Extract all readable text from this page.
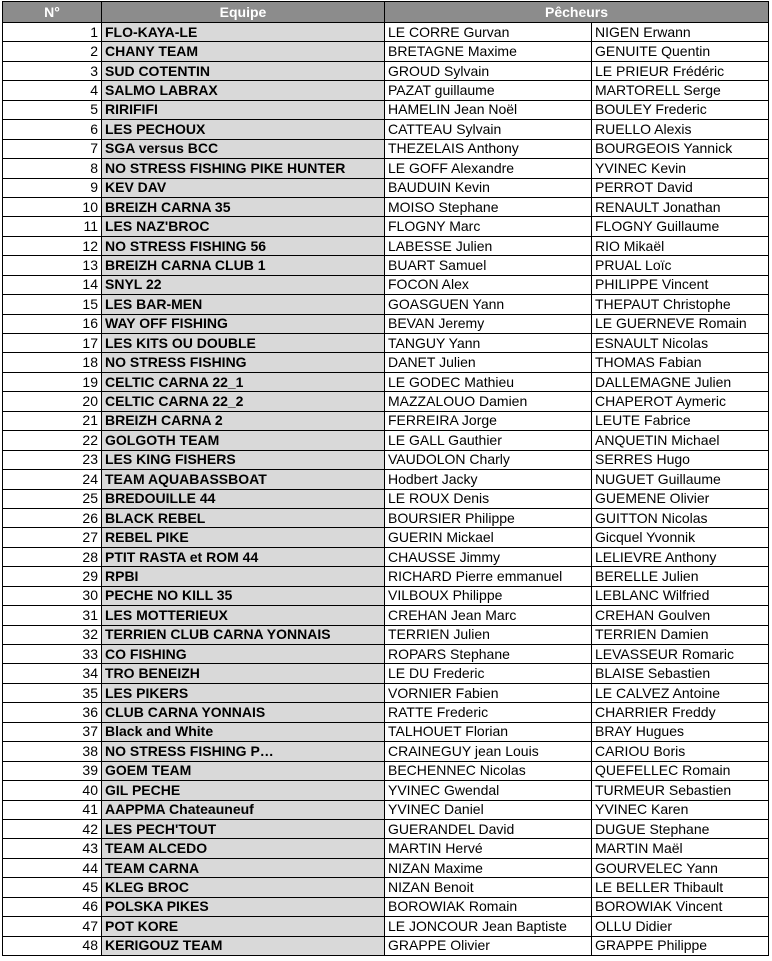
N°	Equipe	Pêcheurs	
1	FLO-KAYA-LE	LE CORRE Gurvan	NIGEN Erwann
2	CHANY TEAM	BRETAGNE Maxime	GENUITE Quentin
3	SUD COTENTIN	GROUD Sylvain	LE PRIEUR Frédéric
4	SALMO LABRAX	PAZAT guillaume	MARTORELL Serge
5	RIRIFIFI	HAMELIN Jean Noël	BOULEY Frederic
6	LES PECHOUX	CATTEAU Sylvain	RUELLO Alexis
7	SGA versus BCC	THEZELAIS Anthony	BOURGEOIS Yannick
8	NO STRESS FISHING PIKE HUNTER	LE GOFF Alexandre	YVINEC Kevin
9	KEV DAV	BAUDUIN Kevin	PERROT David
10	BREIZH CARNA 35	MOISO Stephane	RENAULT Jonathan
11	LES NAZ'BROC	FLOGNY Marc	FLOGNY Guillaume
12	NO STRESS FISHING 56	LABESSE Julien	RIO Mikaël
13	BREIZH CARNA CLUB 1	BUART Samuel	PRUAL Loïc
14	SNYL 22	FOCON Alex	PHILIPPE Vincent
15	LES BAR-MEN	GOASGUEN Yann	THEPAUT Christophe
16	WAY OFF FISHING	BEVAN Jeremy	LE GUERNEVE Romain
17	LES KITS OU DOUBLE	TANGUY Yann	ESNAULT Nicolas
18	NO STRESS FISHING	DANET Julien	THOMAS Fabian
19	CELTIC CARNA 22_1	LE GODEC Mathieu	DALLEMAGNE Julien
20	CELTIC CARNA 22_2	MAZZALOUO Damien	CHAPEROT Aymeric
21	BREIZH CARNA 2	FERREIRA Jorge	LEUTE Fabrice
22	GOLGOTH TEAM	LE GALL Gauthier	ANQUETIN Michael
23	LES KING FISHERS	VAUDOLON Charly	SERRES Hugo
24	TEAM AQUABASSBOAT	Hodbert Jacky	NUGUET Guillaume
25	BREDOUILLE 44	LE ROUX Denis	GUEMENE Olivier
26	BLACK REBEL	BOURSIER Philippe	GUITTON Nicolas
27	REBEL PIKE	GUERIN Mickael	Gicquel Yvonnik
28	PTIT RASTA et ROM 44	CHAUSSE Jimmy	LELIEVRE Anthony
29	RPBI	RICHARD Pierre emmanuel	BERELLE Julien
30	PECHE NO KILL 35	VILBOUX Philippe	LEBLANC Wilfried
31	LES MOTTERIEUX	CREHAN Jean Marc	CREHAN Goulven
32	TERRIEN CLUB CARNA YONNAIS	TERRIEN Julien	TERRIEN Damien
33	CO FISHING	ROPARS Stephane	LEVASSEUR Romaric
34	TRO BENEIZH	LE DU Frederic	BLAISE Sebastien
35	LES PIKERS	VORNIER Fabien	LE CALVEZ Antoine
36	CLUB CARNA YONNAIS	RATTE Frederic	CHARRIER Freddy
37	Black and White	TALHOUET Florian	BRAY Hugues
38	NO STRESS FISHING P…	CRAINEGUY jean Louis	CARIOU Boris
39	GOEM TEAM	BECHENNEC Nicolas	QUEFELLEC Romain
40	GIL PECHE	YVINEC Gwendal	TURMEUR Sebastien
41	AAPPMA Chateauneuf	YVINEC Daniel	YVINEC Karen
42	LES PECH'TOUT	GUERANDEL David	DUGUE Stephane
43	TEAM ALCEDO	MARTIN Hervé	MARTIN Maël
44	TEAM CARNA	NIZAN Maxime	GOURVELEC Yann
45	KLEG BROC	NIZAN Benoit	LE BELLER Thibault
46	POLSKA PIKES	BOROWIAK Romain	BOROWIAK Vincent
47	POT KORE	LE JONCOUR Jean Baptiste	OLLU Didier
48	KERIGOUZ TEAM	GRAPPE Olivier	GRAPPE Philippe
